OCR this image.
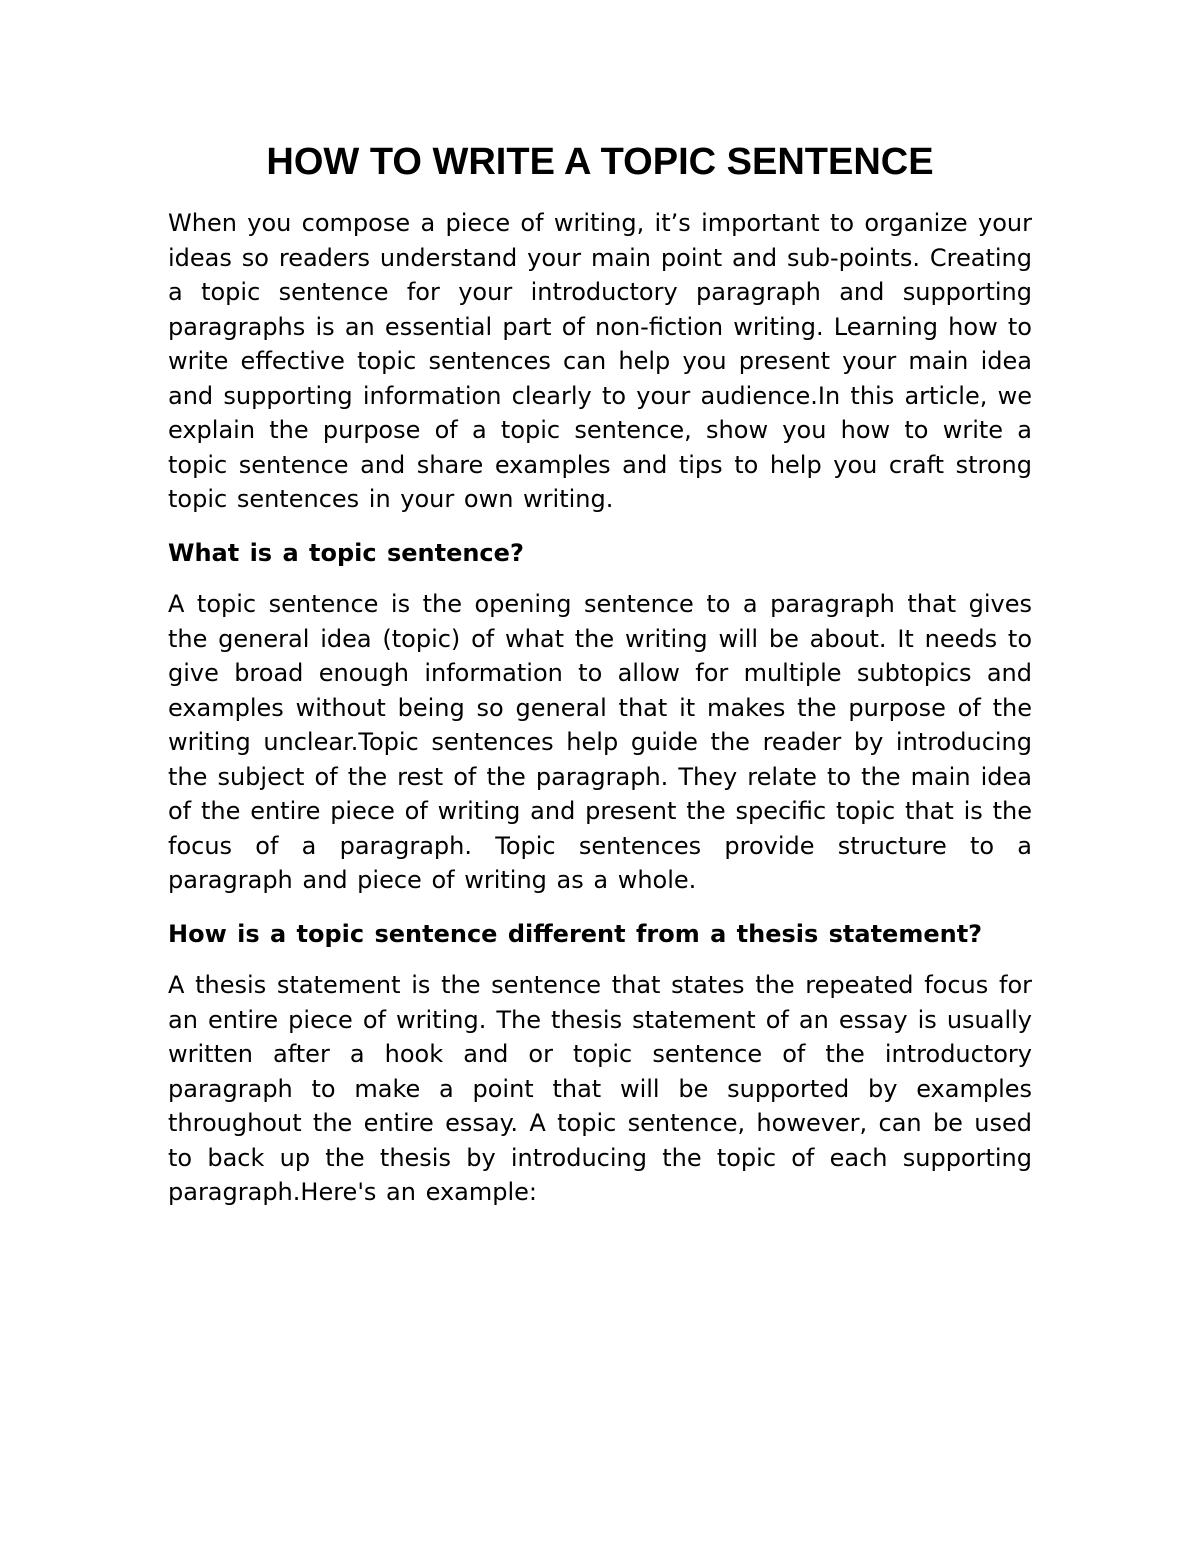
HOW TO WRITE A TOPIC SENTENCE

When you compose a piece of writing, it’s important to organize your ideas so readers understand your main point and sub-points. Creating a topic sentence for your introductory paragraph and supporting paragraphs is an essential part of non-fiction writing. Learning how to write effective topic sentences can help you present your main idea and supporting information clearly to your audience.In this article, we explain the purpose of a topic sentence, show you how to write a topic sentence and share examples and tips to help you craft strong topic sentences in your own writing.

What is a topic sentence?

A topic sentence is the opening sentence to a paragraph that gives the general idea (topic) of what the writing will be about. It needs to give broad enough information to allow for multiple subtopics and examples without being so general that it makes the purpose of the writing unclear.Topic sentences help guide the reader by introducing the subject of the rest of the paragraph. They relate to the main idea of the entire piece of writing and present the specific topic that is the focus of a paragraph. Topic sentences provide structure to a paragraph and piece of writing as a whole.

How is a topic sentence different from a thesis statement?

A thesis statement is the sentence that states the repeated focus for an entire piece of writing. The thesis statement of an essay is usually written after a hook and or topic sentence of the introductory paragraph to make a point that will be supported by examples throughout the entire essay. A topic sentence, however, can be used to back up the thesis by introducing the topic of each supporting paragraph.Here's an example:
